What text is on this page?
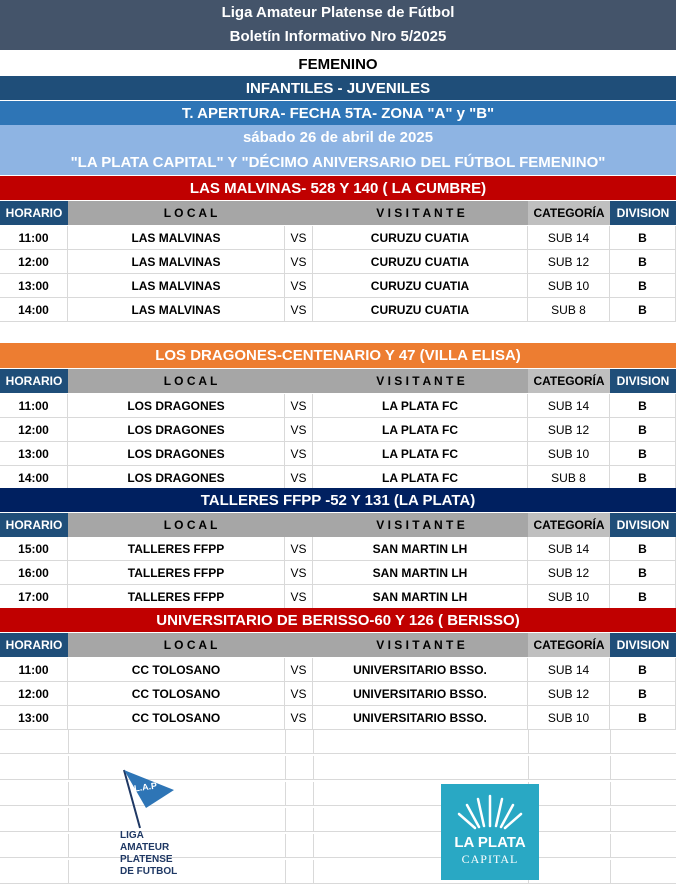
Liga Amateur Platense de Fútbol
Boletín Informativo Nro 5/2025
FEMENINO
INFANTILES - JUVENILES
T. APERTURA- FECHA 5TA- ZONA "A" y "B"
sábado 26 de abril de 2025
"LA PLATA CAPITAL" Y "DÉCIMO ANIVERSARIO DEL FÚTBOL FEMENINO"
LAS MALVINAS- 528 Y 140 ( LA CUMBRE)
HORARIO	L O C A L	V I S I T A N T E	CATEGORÍA	DIVISION
11:00	LAS MALVINAS	VS	CURUZU CUATIA	SUB 14	B
12:00	LAS MALVINAS	VS	CURUZU CUATIA	SUB 12	B
13:00	LAS MALVINAS	VS	CURUZU CUATIA	SUB 10	B
14:00	LAS MALVINAS	VS	CURUZU CUATIA	SUB 8	B
LOS DRAGONES-CENTENARIO Y 47 (VILLA ELISA)
HORARIO	L O C A L	V I S I T A N T E	CATEGORÍA	DIVISION
11:00	LOS DRAGONES	VS	LA PLATA FC	SUB 14	B
12:00	LOS DRAGONES	VS	LA PLATA FC	SUB 12	B
13:00	LOS DRAGONES	VS	LA PLATA FC	SUB 10	B
14:00	LOS DRAGONES	VS	LA PLATA FC	SUB 8	B
TALLERES FFPP -52 Y 131 (LA PLATA)
HORARIO	L O C A L	V I S I T A N T E	CATEGORÍA	DIVISION
15:00	TALLERES FFPP	VS	SAN MARTIN LH	SUB 14	B
16:00	TALLERES FFPP	VS	SAN MARTIN LH	SUB 12	B
17:00	TALLERES FFPP	VS	SAN MARTIN LH	SUB 10	B
UNIVERSITARIO DE BERISSO-60 Y 126 ( BERISSO)
HORARIO	L O C A L	V I S I T A N T E	CATEGORÍA	DIVISION
11:00	CC TOLOSANO	VS	UNIVERSITARIO BSSO.	SUB 14	B
12:00	CC TOLOSANO	VS	UNIVERSITARIO BSSO.	SUB 12	B
13:00	CC TOLOSANO	VS	UNIVERSITARIO BSSO.	SUB 10	B
L.A.P
LIGA
AMATEUR
PLATENSE
DE FUTBOL
LA PLATA
CAPITAL
